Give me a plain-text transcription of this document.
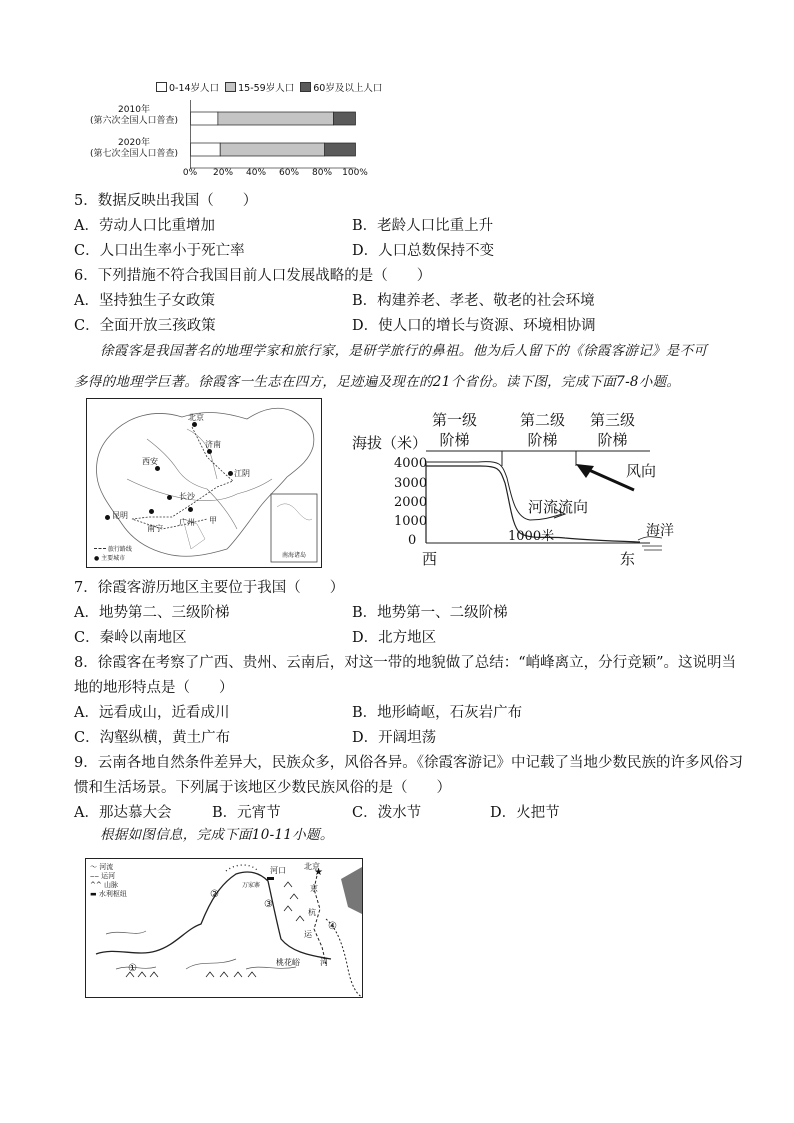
0-14岁人口 15-59岁人口 60岁及以上人口
2010年
(第六次全国人口普查)
2020年
(第七次全国人口普查)
0% 20% 40% 60% 80% 100%
5．数据反映出我国（　　）
A．劳动人口比重增加	B．老龄人口比重上升
C．人口出生率小于死亡率	D．人口总数保持不变
6．下列措施不符合我国目前人口发展战略的是（　　）
A．坚持独生子女政策	B．构建养老、孝老、敬老的社会环境
C．全面开放三孩政策	D．使人口的增长与资源、环境相协调
徐霞客是我国著名的地理学家和旅行家，是研学旅行的鼻祖。他为后人留下的《徐霞客游记》是不可
多得的地理学巨著。徐霞客一生志在四方，足迹遍及现在的21个省份。读下图，完成下面7-8小题。
北京
济南
西安
江阴
长沙
昆明
南宁
广州 甲
旅行路线
● 主要城市	南海诸岛
第一级
阶梯
第二级
阶梯
第三级
阶梯
海拔（米）
4000
3000
2000
1000
0
风向
河流流向
1000米	海洋
西	东
7．徐霞客游历地区主要位于我国（　　）
A．地势第二、三级阶梯	B．地势第一、二级阶梯
C．秦岭以南地区	D．北方地区
8．徐霞客在考察了广西、贵州、云南后，对这一带的地貌做了总结：“峭峰离立，分行竞颖”。这说明当
地的地形特点是（　　）
A．远看成山，近看成川	B．地形崎岖，石灰岩广布
C．沟壑纵横，黄土广布	D．开阔坦荡
9．云南各地自然条件差异大，民族众多，风俗各异。《徐霞客游记》中记载了当地少数民族的许多风俗习
惯和生活场景。下列属于该地区少数民族风俗的是（　　）
A．那达慕大会	B．元宵节	C．泼水节	D．火把节
根据如图信息，完成下面10-11小题。
～ 河流
‒‒ 运河
^^ 山脉
▬ 水利枢纽
河口 北京
★
万家寨	京
杭
运
河
桃花峪
①
②
③
④
